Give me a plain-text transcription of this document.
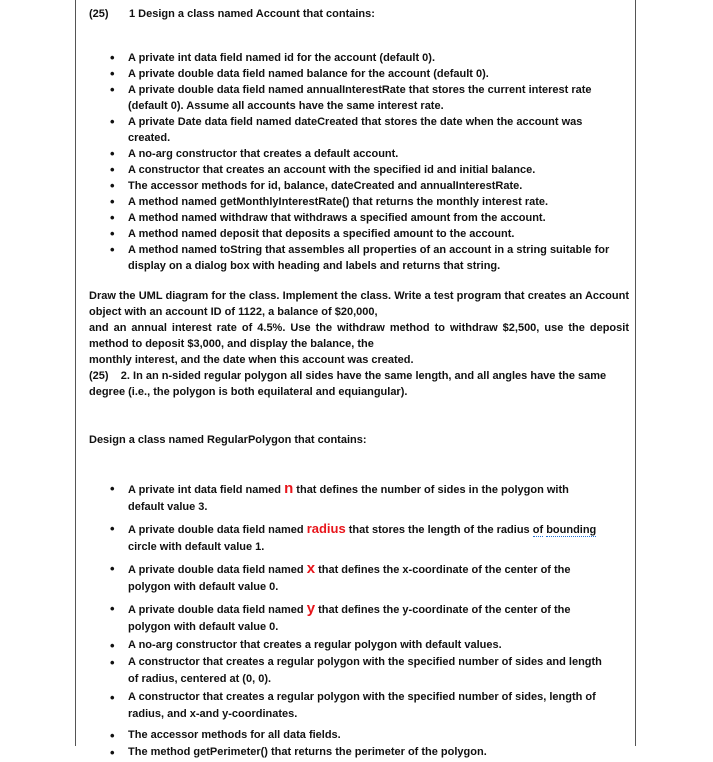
(25) 1 Design a class named Account that contains:
• A private int data field named id for the account (default 0).
• A private double data field named balance for the account (default 0).
• A private double data field named annualInterestRate that stores the current interest rate (default 0). Assume all accounts have the same interest rate.
• A private Date data field named dateCreated that stores the date when the account was created.
• A no-arg constructor that creates a default account.
• A constructor that creates an account with the specified id and initial balance.
• The accessor methods for id, balance, dateCreated and annualInterestRate.
• A method named getMonthlyInterestRate() that returns the monthly interest rate.
• A method named withdraw that withdraws a specified amount from the account.
• A method named deposit that deposits a specified amount to the account.
• A method named toString that assembles all properties of an account in a string suitable for display on a dialog box with heading and labels and returns that string.

Draw the UML diagram for the class. Implement the class. Write a test program that creates an Account object with an account ID of 1122, a balance of $20,000,

and an annual interest rate of 4.5%. Use the withdraw method to withdraw $2,500, use the deposit method to deposit $3,000, and display the balance, the

monthly interest, and the date when this account was created.

(25) 2. In an n-sided regular polygon all sides have the same length, and all angles have the same degree (i.e., the polygon is both equilateral and equiangular).

Design a class named RegularPolygon that contains:
• A private int data field named n that defines the number of sides in the polygon with default value 3.
• A private double data field named radius that stores the length of the radius of bounding circle with default value 1.
• A private double data field named x that defines the x-coordinate of the center of the polygon with default value 0.
• A private double data field named y that defines the y-coordinate of the center of the polygon with default value 0.
• A no-arg constructor that creates a regular polygon with default values.
• A constructor that creates a regular polygon with the specified number of sides and length of radius, centered at (0, 0).
• A constructor that creates a regular polygon with the specified number of sides, length of radius, and x-and y-coordinates.
• The accessor methods for all data fields.
• The method getPerimeter() that returns the perimeter of the polygon.
